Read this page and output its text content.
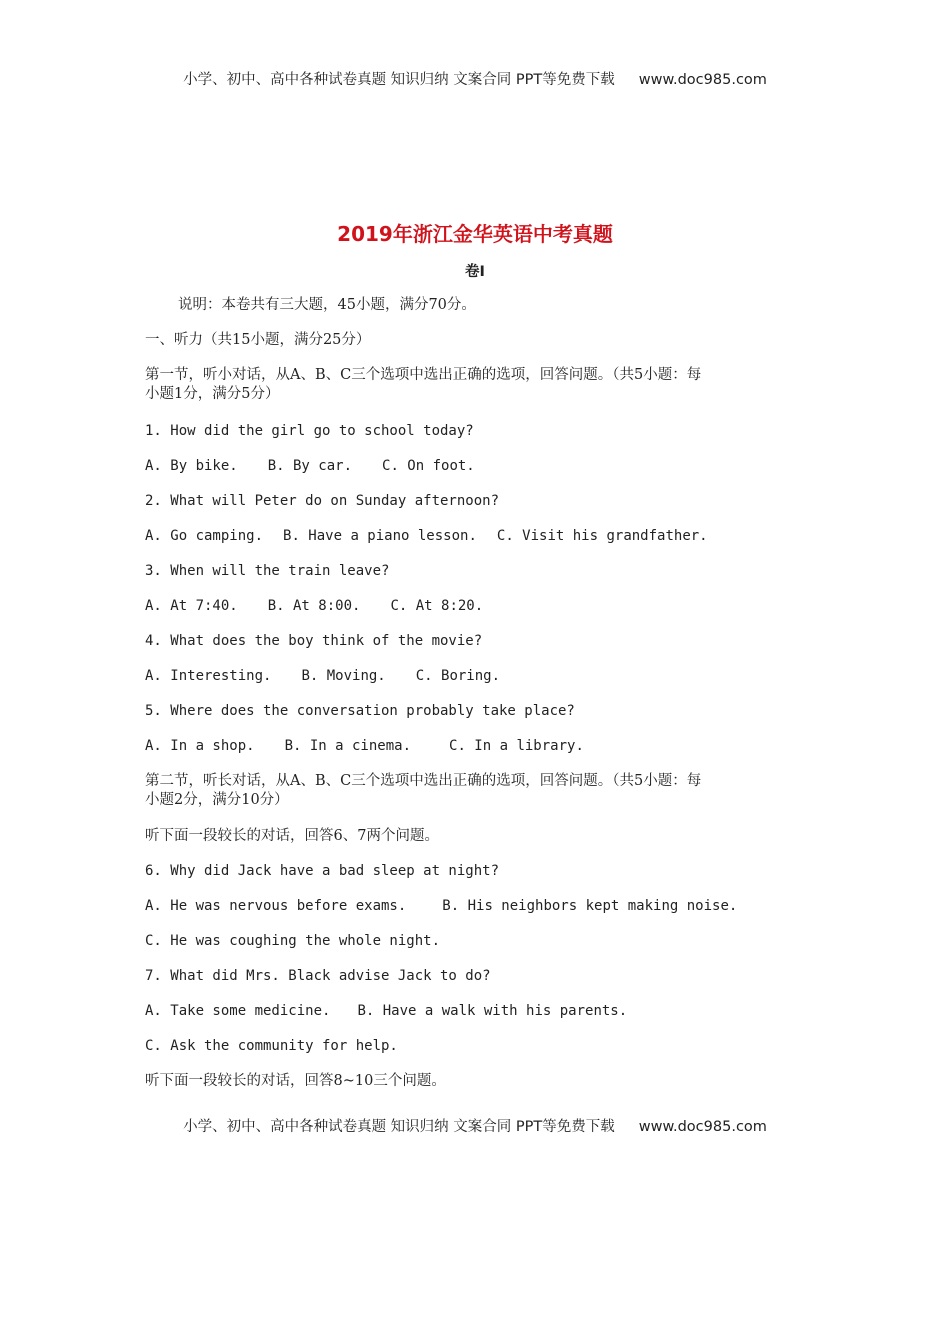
小学、初中、高中各种试卷真题 知识归纳 文案合同 PPT等免费下载 www.doc985.com
2019年浙江金华英语中考真题
卷I
说明：本卷共有三大题，45小题，满分70分。
一、听力（共15小题，满分25分）
第一节，听小对话，从A、B、C三个选项中选出正确的选项，回答问题。（共5小题：每
小题1分，满分5分）
1. How did the girl go to school today?
A. By bike. B. By car. C. On foot.
2. What will Peter do on Sunday afternoon?
A. Go camping. B. Have a piano lesson. C. Visit his grandfather.
3. When will the train leave?
A. At 7:40. B. At 8:00. C. At 8:20.
4. What does the boy think of the movie?
A. Interesting. B. Moving. C. Boring.
5. Where does the conversation probably take place?
A. In a shop. B. In a cinema.	C. In a library.
第二节，听长对话，从A、B、C三个选项中选出正确的选项，回答问题。（共5小题：每
小题2分，满分10分）
听下面一段较长的对话，回答6、7两个问题。
6. Why did Jack have a bad sleep at night?
A. He was nervous before exams.	B. His neighbors kept making noise.
C. He was coughing the whole night.
7. What did Mrs. Black advise Jack to do?
A. Take some medicine. B. Have a walk with his parents.
C. Ask the community for help.
听下面一段较长的对话，回答8~10三个问题。
小学、初中、高中各种试卷真题 知识归纳 文案合同 PPT等免费下载 www.doc985.com
